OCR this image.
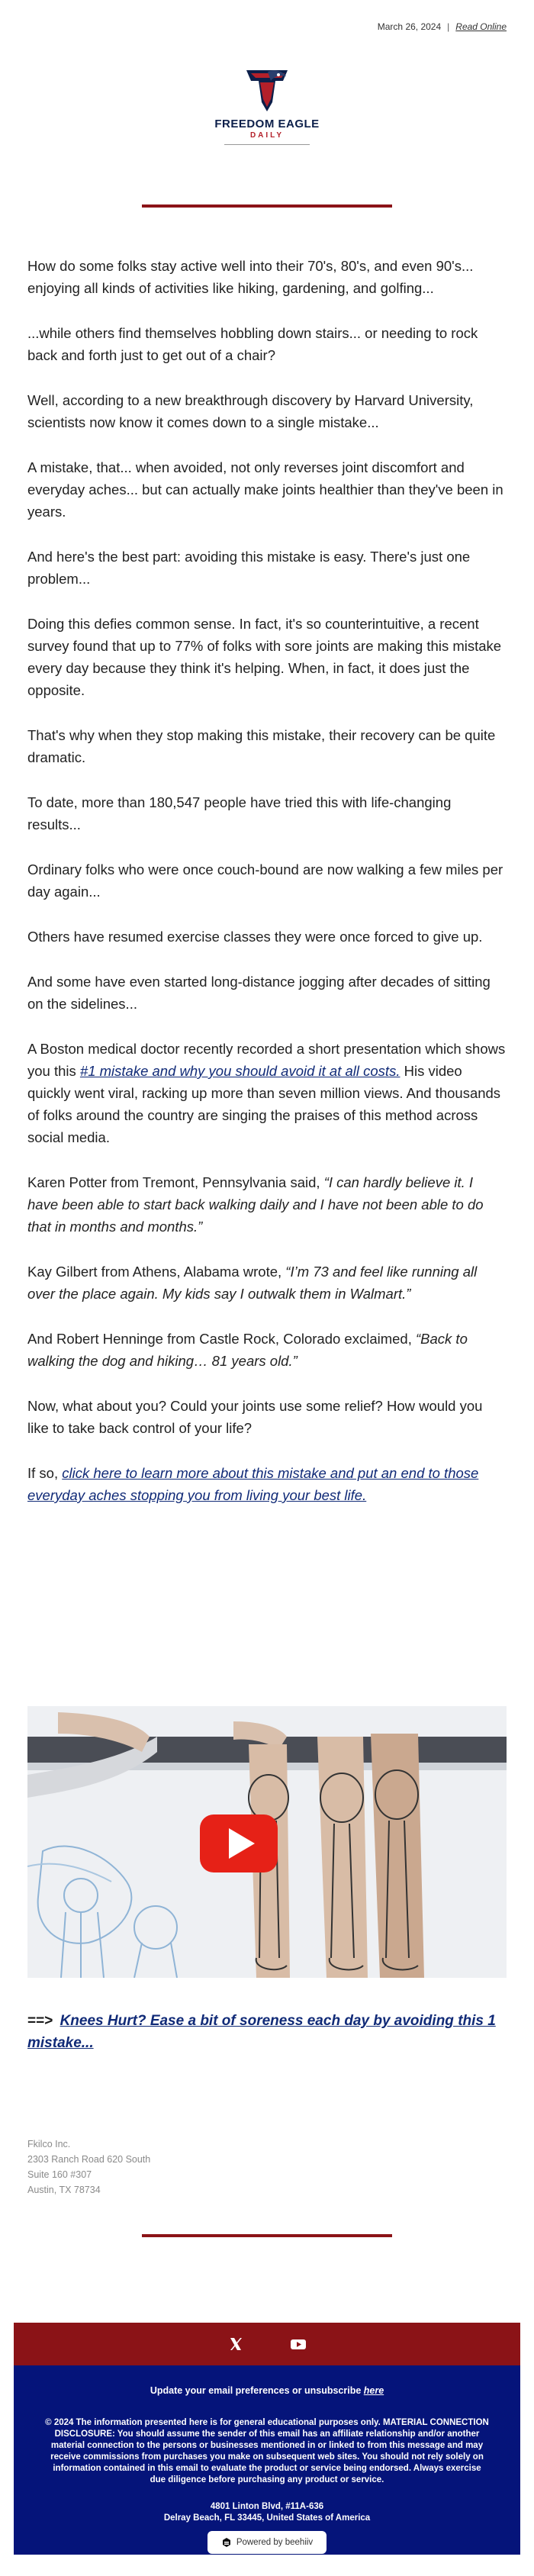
March 26, 2024 | Read Online
FREEDOM EAGLE
DAILY

How do some folks stay active well into their 70's, 80's, and even 90's... enjoying all kinds of activities like hiking, gardening, and golfing...

...while others find themselves hobbling down stairs... or needing to rock back and forth just to get out of a chair?

Well, according to a new breakthrough discovery by Harvard University, scientists now know it comes down to a single mistake...

A mistake, that... when avoided, not only reverses joint discomfort and everyday aches... but can actually make joints healthier than they've been in years.

And here's the best part: avoiding this mistake is easy. There's just one problem...

Doing this defies common sense. In fact, it's so counterintuitive, a recent survey found that up to 77% of folks with sore joints are making this mistake every day because they think it's helping. When, in fact, it does just the opposite.

That's why when they stop making this mistake, their recovery can be quite dramatic.

To date, more than 180,547 people have tried this with life-changing results...

Ordinary folks who were once couch-bound are now walking a few miles per day again...

Others have resumed exercise classes they were once forced to give up.

And some have even started long-distance jogging after decades of sitting on the sidelines...

A Boston medical doctor recently recorded a short presentation which shows you this #1 mistake and why you should avoid it at all costs. His video quickly went viral, racking up more than seven million views. And thousands of folks around the country are singing the praises of this method across social media.

Karen Potter from Tremont, Pennsylvania said, “I can hardly believe it. I have been able to start back walking daily and I have not been able to do that in months and months.”

Kay Gilbert from Athens, Alabama wrote, “I’m 73 and feel like running all over the place again. My kids say I outwalk them in Walmart.”

And Robert Henninge from Castle Rock, Colorado exclaimed, “Back to walking the dog and hiking… 81 years old.”

Now, what about you? Could your joints use some relief? How would you like to take back control of your life?

If so, click here to learn more about this mistake and put an end to those everyday aches stopping you from living your best life.

==> Knees Hurt? Ease a bit of soreness each day by avoiding this 1 mistake...
Fkilco Inc.
2303 Ranch Road 620 South
Suite 160 #307
Austin, TX 78734
Update your email preferences or unsubscribe here
© 2024 The information presented here is for general educational purposes only. MATERIAL CONNECTION DISCLOSURE: You should assume the sender of this email has an affiliate relationship and/or another material connection to the persons or businesses mentioned in or linked to from this message and may receive commissions from purchases you make on subsequent web sites. You should not rely solely on information contained in this email to evaluate the product or service being endorsed. Always exercise due diligence before purchasing any product or service.
4801 Linton Blvd, #11A-636
Delray Beach, FL 33445, United States of America
Powered by beehiiv
